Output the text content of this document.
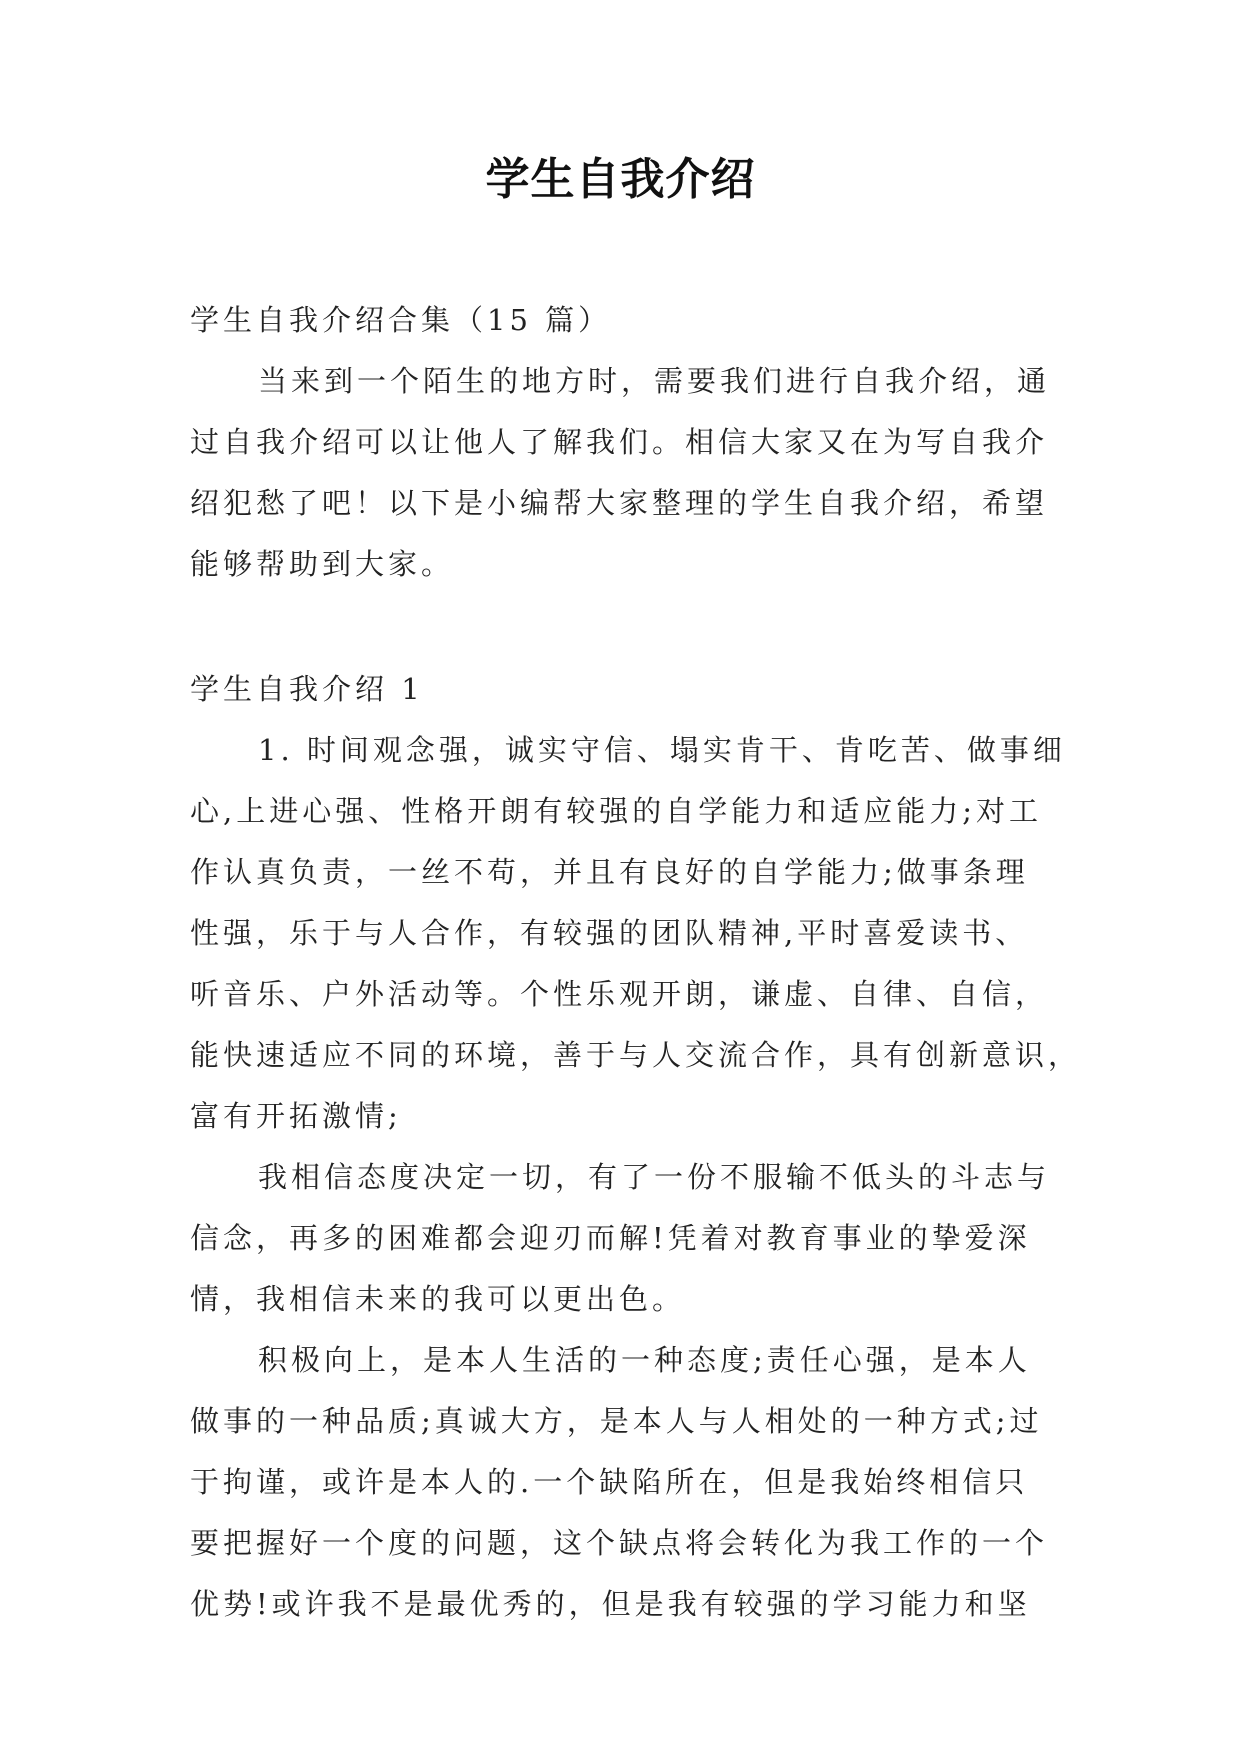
学生自我介绍
学生自我介绍合集（15 篇）
当来到一个陌生的地方时，需要我们进行自我介绍，通
过自我介绍可以让他人了解我们。相信大家又在为写自我介
绍犯愁了吧！以下是小编帮大家整理的学生自我介绍，希望
能够帮助到大家。
学生自我介绍 1
1. 时间观念强，诚实守信、塌实肯干、肯吃苦、做事细
心,上进心强、性格开朗有较强的自学能力和适应能力;对工
作认真负责，一丝不苟，并且有良好的自学能力;做事条理
性强，乐于与人合作，有较强的团队精神,平时喜爱读书、
听音乐、户外活动等。个性乐观开朗，谦虚、自律、自信，
能快速适应不同的环境，善于与人交流合作，具有创新意识，
富有开拓激情;
我相信态度决定一切，有了一份不服输不低头的斗志与
信念，再多的困难都会迎刃而解!凭着对教育事业的挚爱深
情，我相信未来的我可以更出色。
积极向上，是本人生活的一种态度;责任心强，是本人
做事的一种品质;真诚大方，是本人与人相处的一种方式;过
于拘谨，或许是本人的.一个缺陷所在，但是我始终相信只
要把握好一个度的问题，这个缺点将会转化为我工作的一个
优势!或许我不是最优秀的，但是我有较强的学习能力和坚
